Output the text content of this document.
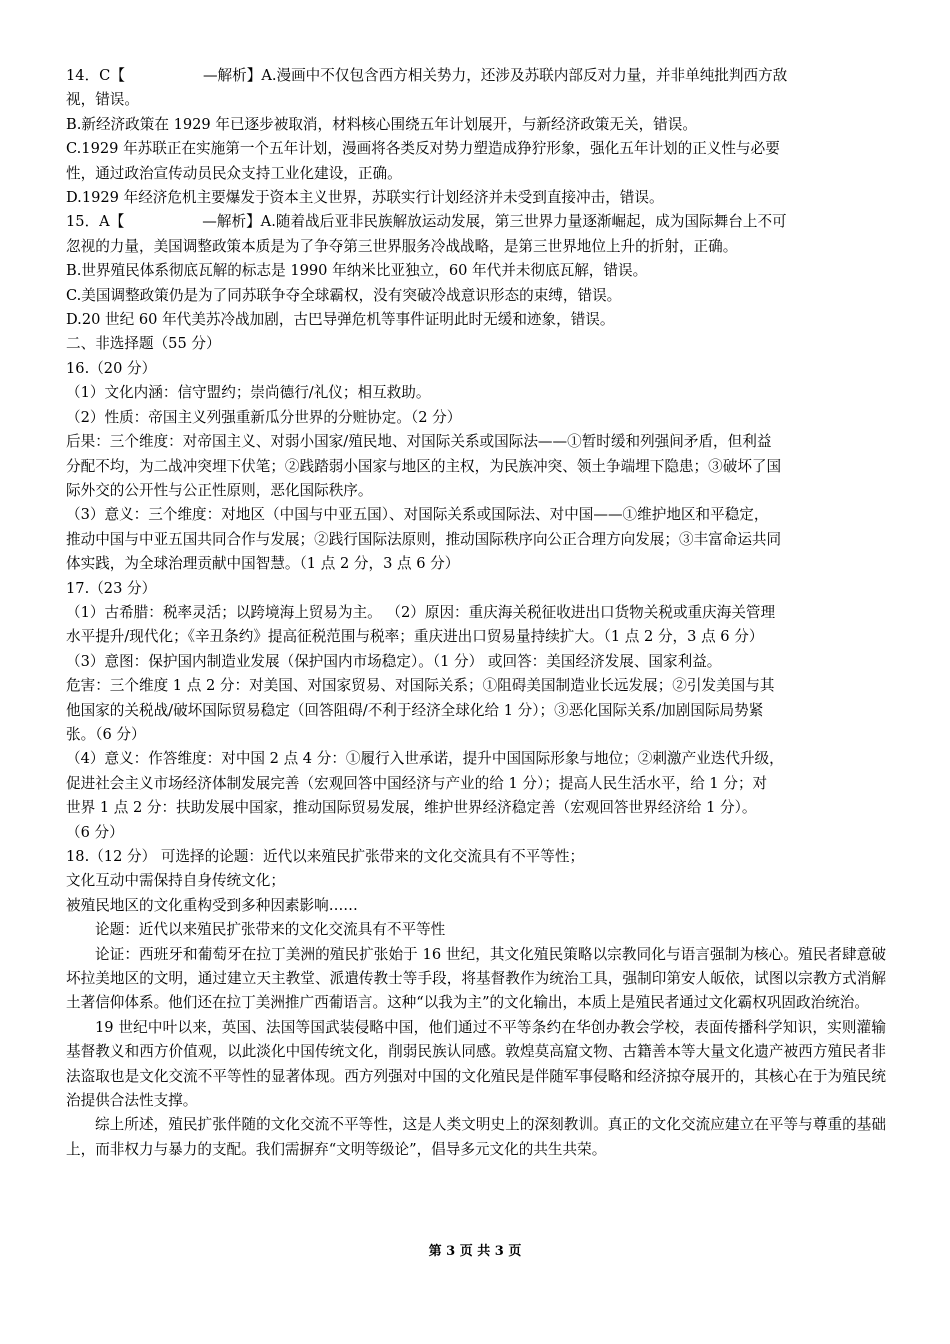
14．C【	—解析】A.漫画中不仅包含西方相关势力，还涉及苏联内部反对力量，并非单纯批判西方敌

视，错误。

B.新经济政策在 1929 年已逐步被取消，材料核心围绕五年计划展开，与新经济政策无关，错误。

C.1929 年苏联正在实施第一个五年计划，漫画将各类反对势力塑造成狰狞形象，强化五年计划的正义性与必要

性，通过政治宣传动员民众支持工业化建设，正确。

D.1929 年经济危机主要爆发于资本主义世界，苏联实行计划经济并未受到直接冲击，错误。

15．A【	—解析】A.随着战后亚非民族解放运动发展，第三世界力量逐渐崛起，成为国际舞台上不可

忽视的力量，美国调整政策本质是为了争夺第三世界服务冷战战略，是第三世界地位上升的折射，正确。

B.世界殖民体系彻底瓦解的标志是 1990 年纳米比亚独立，60 年代并未彻底瓦解，错误。

C.美国调整政策仍是为了同苏联争夺全球霸权，没有突破冷战意识形态的束缚，错误。

D.20 世纪 60 年代美苏冷战加剧，古巴导弹危机等事件证明此时无缓和迹象，错误。

二、非选择题（55 分）

16.（20 分）

（1）文化内涵：信守盟约；崇尚德行/礼仪；相互救助。

（2）性质：帝国主义列强重新瓜分世界的分赃协定。（2 分）

后果：三个维度：对帝国主义、对弱小国家/殖民地、对国际关系或国际法——①暂时缓和列强间矛盾，但利益

分配不均，为二战冲突埋下伏笔；②践踏弱小国家与地区的主权，为民族冲突、领土争端埋下隐患；③破坏了国

际外交的公开性与公正性原则，恶化国际秩序。

（3）意义：三个维度：对地区（中国与中亚五国）、对国际关系或国际法、对中国——①维护地区和平稳定，

推动中国与中亚五国共同合作与发展；②践行国际法原则，推动国际秩序向公正合理方向发展；③丰富命运共同

体实践，为全球治理贡献中国智慧。（1 点 2 分，3 点 6 分）

17.（23 分）

（1）古希腊：税率灵活；以跨境海上贸易为主。 （2）原因：重庆海关税征收进出口货物关税或重庆海关管理

水平提升/现代化；《辛丑条约》提高征税范围与税率；重庆进出口贸易量持续扩大。（1 点 2 分，3 点 6 分）

（3）意图：保护国内制造业发展（保护国内市场稳定）。（1 分） 或回答：美国经济发展、国家利益。

危害：三个维度 1 点 2 分：对美国、对国家贸易、对国际关系；①阻碍美国制造业长远发展；②引发美国与其

他国家的关税战/破坏国际贸易稳定（回答阻碍/不利于经济全球化给 1 分）；③恶化国际关系/加剧国际局势紧

张。（6 分）

（4）意义：作答维度：对中国 2 点 4 分：①履行入世承诺，提升中国国际形象与地位；②刺激产业迭代升级，

促进社会主义市场经济体制发展完善（宏观回答中国经济与产业的给 1 分）；提高人民生活水平，给 1 分；对

世界 1 点 2 分：扶助发展中国家，推动国际贸易发展，维护世界经济稳定善（宏观回答世界经济给 1 分）。

（6 分）

18.（12 分） 可选择的论题：近代以来殖民扩张带来的文化交流具有不平等性；

文化互动中需保持自身传统文化；

被殖民地区的文化重构受到多种因素影响……

论题：近代以来殖民扩张带来的文化交流具有不平等性

论证：西班牙和葡萄牙在拉丁美洲的殖民扩张始于 16 世纪，其文化殖民策略以宗教同化与语言强制为核心。殖民者肆意破坏拉美地区的文明，通过建立天主教堂、派遣传教士等手段，将基督教作为统治工具，强制印第安人皈依，试图以宗教方式消解土著信仰体系。他们还在拉丁美洲推广西葡语言。这种“以我为主”的文化输出，本质上是殖民者通过文化霸权巩固政治统治。

19 世纪中叶以来，英国、法国等国武装侵略中国，他们通过不平等条约在华创办教会学校，表面传播科学知识，实则灌输基督教义和西方价值观，以此淡化中国传统文化，削弱民族认同感。敦煌莫高窟文物、古籍善本等大量文化遗产被西方殖民者非法盗取也是文化交流不平等性的显著体现。西方列强对中国的文化殖民是伴随军事侵略和经济掠夺展开的，其核心在于为殖民统治提供合法性支撑。

综上所述，殖民扩张伴随的文化交流不平等性，这是人类文明史上的深刻教训。真正的文化交流应建立在平等与尊重的基础上，而非权力与暴力的支配。我们需摒弃“文明等级论”，倡导多元文化的共生共荣。

第 3 页 共 3 页
